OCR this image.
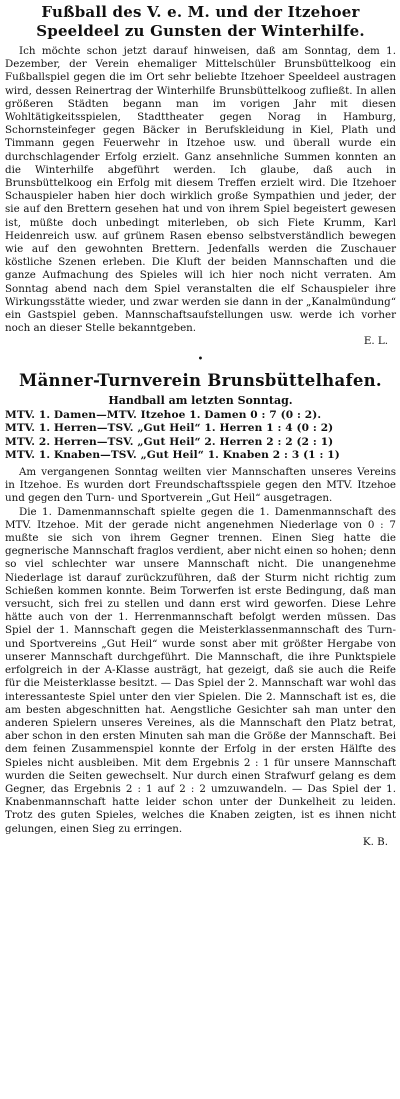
Fußball des V. e. M. und der Itzehoer
Speeldeel zu Gunsten der Winterhilfe.

Ich möchte schon jetzt darauf hinweisen, daß am Sonntag, dem 1. Dezember, der Verein ehemaliger Mittelschüler Brunsbüttelkoog ein Fußballspiel gegen die im Ort sehr beliebte Itzehoer Speeldeel austragen wird, dessen Reinertrag der Winterhilfe Brunsbüttelkoog zufließt. In allen größeren Städten begann man im vorigen Jahr mit diesen Wohltätigkeitsspielen, Stadttheater gegen Norag in Hamburg, Schornsteinfeger gegen Bäcker in Berufskleidung in Kiel, Plath und Timmann gegen Feuerwehr in Itzehoe usw. und überall wurde ein durchschlagender Erfolg erzielt. Ganz ansehnliche Summen konnten an die Winterhilfe abgeführt werden. Ich glaube, daß auch in Brunsbüttelkoog ein Erfolg mit diesem Treffen erzielt wird. Die Itzehoer Schauspieler haben hier doch wirklich große Sympathien und jeder, der sie auf den Brettern gesehen hat und von ihrem Spiel begeistert gewesen ist, müßte doch unbedingt miterleben, ob sich Fiete Krumm, Karl Heidenreich usw. auf grünem Rasen ebenso selbstverständlich bewegen wie auf den gewohnten Brettern. Jedenfalls werden die Zuschauer köstliche Szenen erleben. Die Kluft der beiden Mannschaften und die ganze Aufmachung des Spieles will ich hier noch nicht verraten. Am Sonntag abend nach dem Spiel veranstalten die elf Schauspieler ihre Wirkungsstätte wieder, und zwar werden sie dann in der „Kanalmündung“ ein Gastspiel geben. Mannschaftsaufstellungen usw. werde ich vorher noch an dieser Stelle bekanntgeben.

E. L.
•
Männer-Turnverein Brunsbüttelhafen.
Handball am letzten Sonntag.
MTV. 1. Damen—MTV. Itzehoe 1. Damen 0 : 7 (0 : 2).
MTV. 1. Herren—TSV. „Gut Heil“ 1. Herren 1 : 4 (0 : 2)
MTV. 2. Herren—TSV. „Gut Heil“ 2. Herren 2 : 2 (2 : 1)
MTV. 1. Knaben—TSV. „Gut Heil“ 1. Knaben 2 : 3 (1 : 1)

Am vergangenen Sonntag weilten vier Mannschaften unseres Vereins in Itzehoe. Es wurden dort Freundschaftsspiele gegen den MTV. Itzehoe und gegen den Turn- und Sportverein „Gut Heil“ ausgetragen.

Die 1. Damenmannschaft spielte gegen die 1. Damenmannschaft des MTV. Itzehoe. Mit der gerade nicht angenehmen Niederlage von 0 : 7 mußte sie sich von ihrem Gegner trennen. Einen Sieg hatte die gegnerische Mannschaft fraglos verdient, aber nicht einen so hohen; denn so viel schlechter war unsere Mannschaft nicht. Die unangenehme Niederlage ist darauf zurückzuführen, daß der Sturm nicht richtig zum Schießen kommen konnte. Beim Torwerfen ist erste Bedingung, daß man versucht, sich frei zu stellen und dann erst wird geworfen. Diese Lehre hätte auch von der 1. Herrenmannschaft befolgt werden müssen. Das Spiel der 1. Mannschaft gegen die Meisterklassenmannschaft des Turn- und Sportvereins „Gut Heil“ wurde sonst aber mit größter Hergabe von unserer Mannschaft durchgeführt. Die Mannschaft, die ihre Punktspiele erfolgreich in der A-Klasse austrägt, hat gezeigt, daß sie auch die Reife für die Meisterklasse besitzt. — Das Spiel der 2. Mannschaft war wohl das interessanteste Spiel unter den vier Spielen. Die 2. Mannschaft ist es, die am besten abgeschnitten hat. Aengstliche Gesichter sah man unter den anderen Spielern unseres Vereines, als die Mannschaft den Platz betrat, aber schon in den ersten Minuten sah man die Größe der Mannschaft. Bei dem feinen Zusammenspiel konnte der Erfolg in der ersten Hälfte des Spieles nicht ausbleiben. Mit dem Ergebnis 2 : 1 für unsere Mannschaft wurden die Seiten gewechselt. Nur durch einen Strafwurf gelang es dem Gegner, das Ergebnis 2 : 1 auf 2 : 2 umzuwandeln. — Das Spiel der 1. Knabenmannschaft hatte leider schon unter der Dunkelheit zu leiden. Trotz des guten Spieles, welches die Knaben zeigten, ist es ihnen nicht gelungen, einen Sieg zu erringen.

K. B.
